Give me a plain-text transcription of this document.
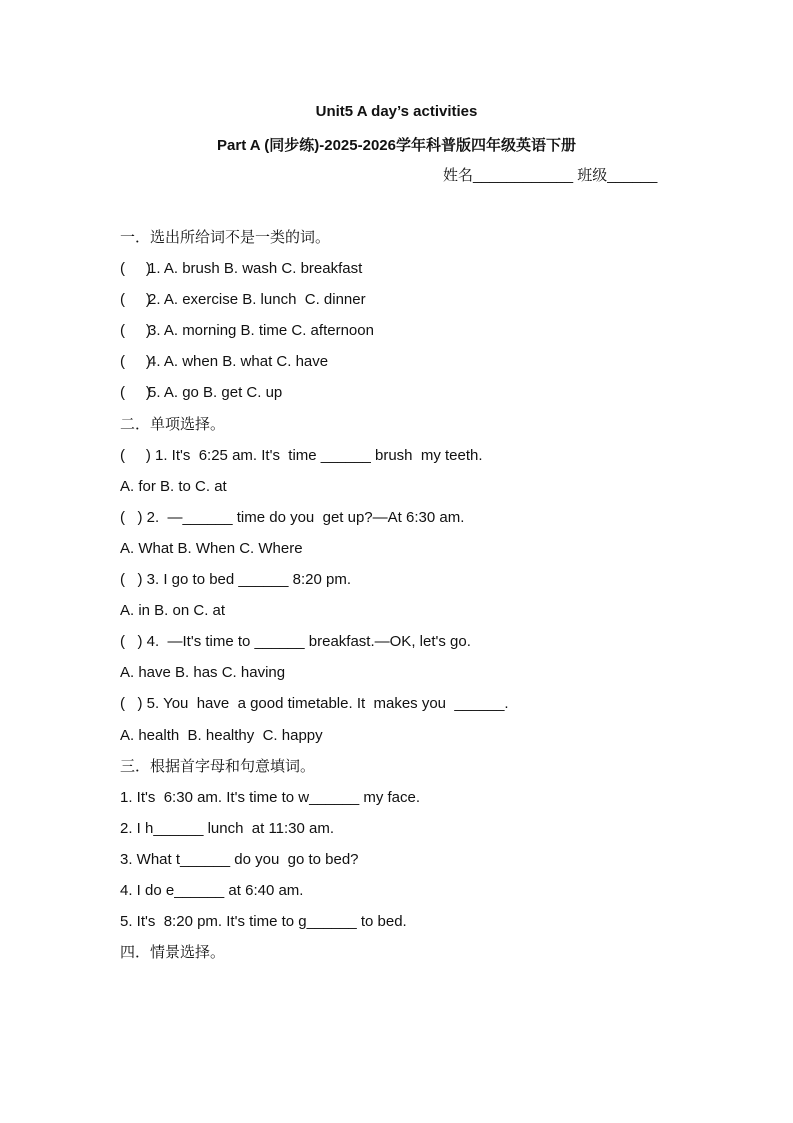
Unit5 A day’s activities
Part A (同步练)-2025-2026学年科普版四年级英语下册
姓名____________ 班级______
一．选出所给词不是一类的词。
(     )
1. A. brush B. wash C. breakfast
(     )
2. A. exercise B. lunch  C. dinner
(     )
3. A. morning B. time C. afternoon
(     )
4. A. when B. what C. have
(     )
5. A. go B. get C. up
二．单项选择。
(     ) 1. It's  6:25 am. It's  time ______ brush  my teeth.
A. for B. to C. at
(   ) 2.  —______ time do you  get up?—At 6:30 am.
A. What B. When C. Where
(   ) 3. I go to bed ______ 8:20 pm.
A. in B. on C. at
(   ) 4.  —It's time to ______ breakfast.—OK, let's go.
A. have B. has C. having
(   ) 5. You  have  a good timetable. It  makes you  ______.
A. health  B. healthy  C. happy
三．根据首字母和句意填词。
1. It's  6:30 am. It's time to w______ my face.
2. I h______ lunch  at 11:30 am.
3. What t______ do you  go to bed?
4. I do e______ at 6:40 am.
5. It's  8:20 pm. It's time to g______ to bed.
四．情景选择。
